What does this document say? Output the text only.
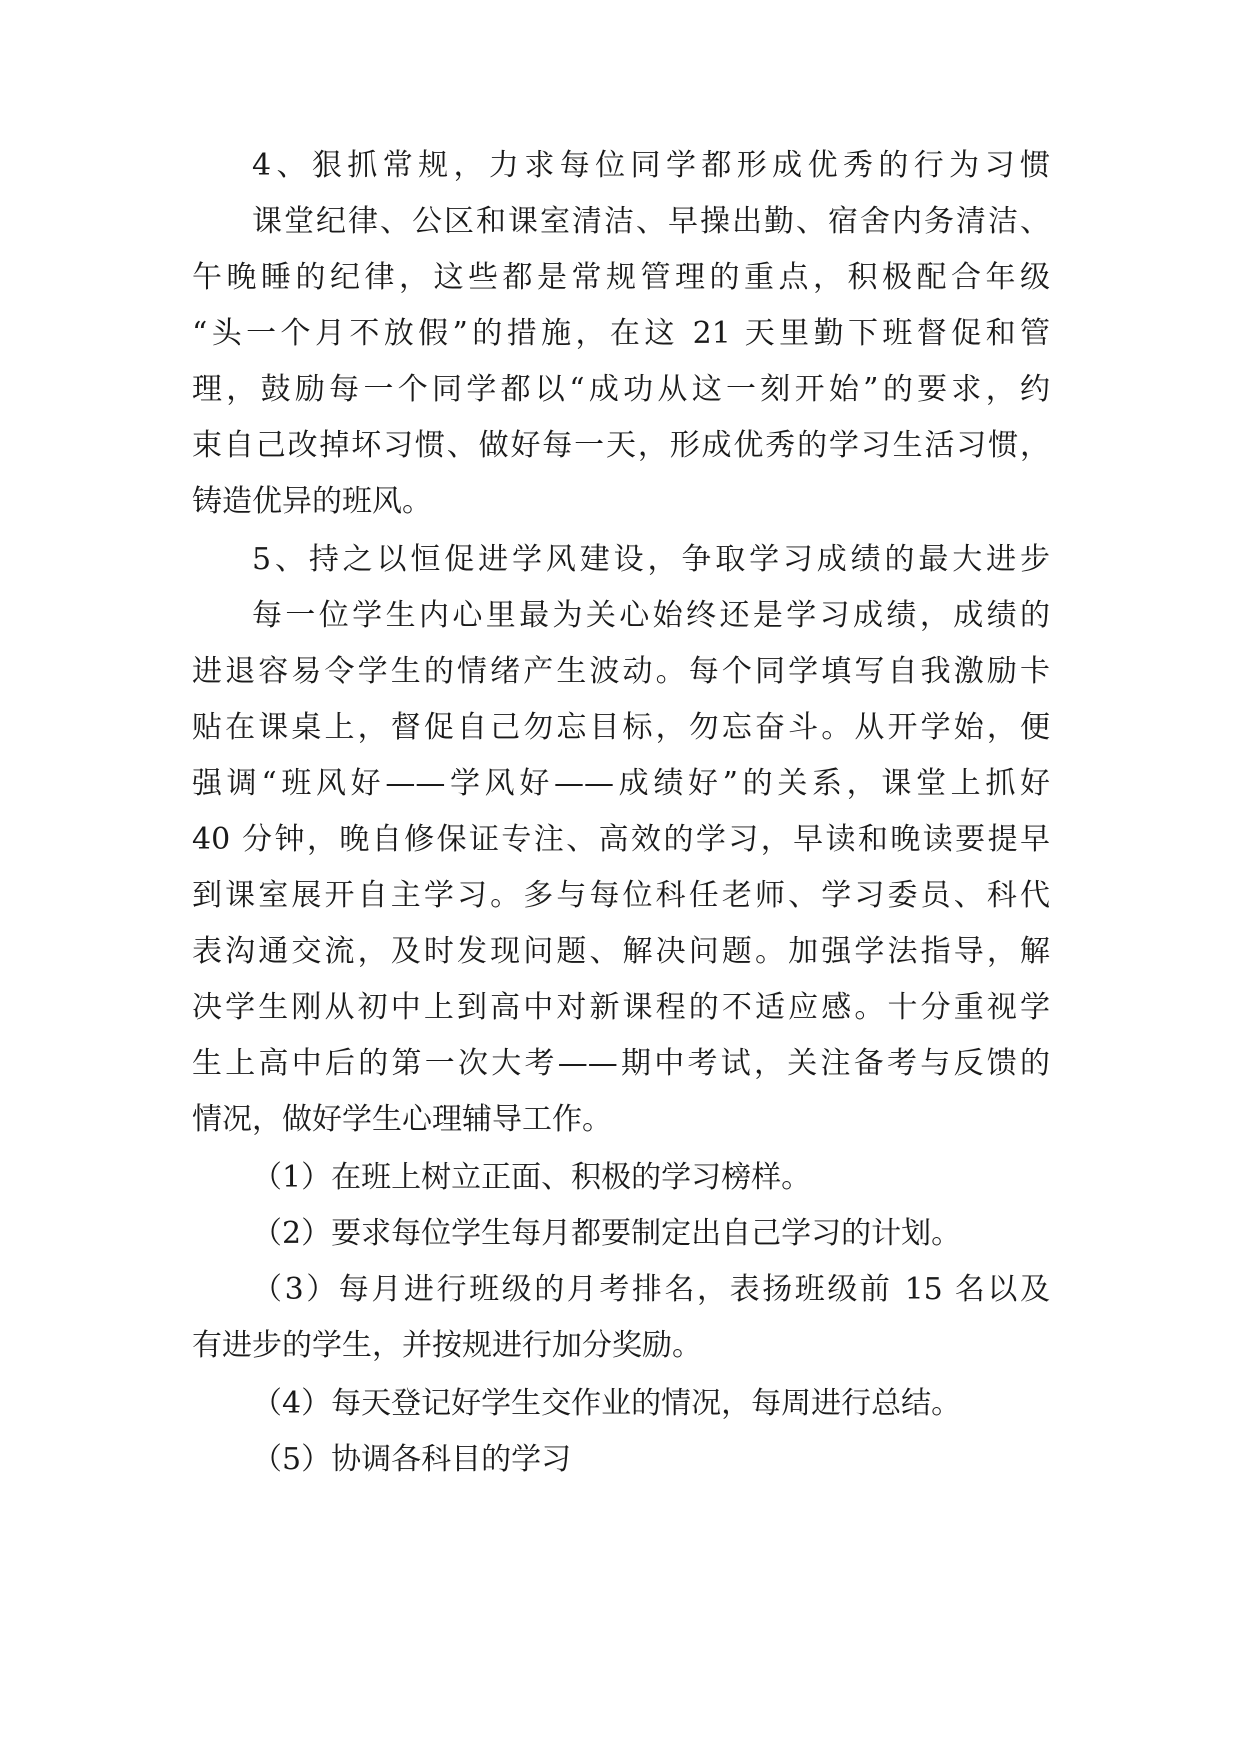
4、狠抓常规，力求每位同学都形成优秀的行为习惯
课堂纪律、公区和课室清洁、早操出勤、宿舍内务清洁、
午晚睡的纪律，这些都是常规管理的重点，积极配合年级
“头一个月不放假”的措施，在这 21 天里勤下班督促和管
理，鼓励每一个同学都以“成功从这一刻开始”的要求，约
束自己改掉坏习惯、做好每一天，形成优秀的学习生活习惯，
铸造优异的班风。
5、持之以恒促进学风建设，争取学习成绩的最大进步
每一位学生内心里最为关心始终还是学习成绩，成绩的
进退容易令学生的情绪产生波动。每个同学填写自我激励卡
贴在课桌上，督促自己勿忘目标，勿忘奋斗。从开学始，便
强调“班风好——学风好——成绩好”的关系，课堂上抓好
40 分钟，晚自修保证专注、高效的学习，早读和晚读要提早
到课室展开自主学习。多与每位科任老师、学习委员、科代
表沟通交流，及时发现问题、解决问题。加强学法指导，解
决学生刚从初中上到高中对新课程的不适应感。十分重视学
生上高中后的第一次大考——期中考试，关注备考与反馈的
情况，做好学生心理辅导工作。
（1）在班上树立正面、积极的学习榜样。
（2）要求每位学生每月都要制定出自己学习的计划。
（3）每月进行班级的月考排名，表扬班级前 15 名以及
有进步的学生，并按规进行加分奖励。
（4）每天登记好学生交作业的情况，每周进行总结。
（5）协调各科目的学习
